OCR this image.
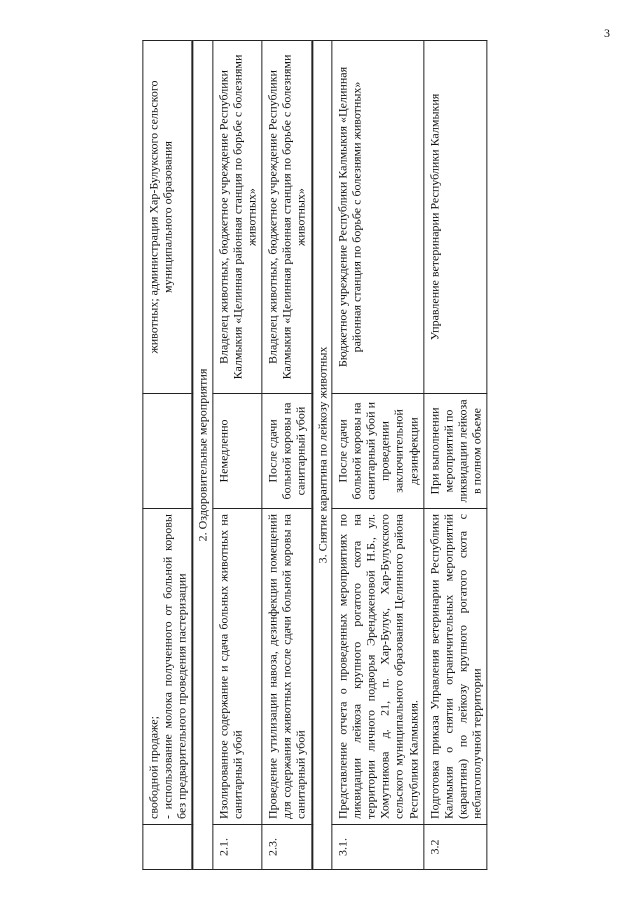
3

	свободной продаже; - использование молока полученного от больной коровы без предварительного проведения пастеризации		животных; администрация Хар-Булукского сельского муниципального образования
2. Оздоровительные мероприятия			
2.1.	Изолированное содержание и сдача больных животных на санитарный убой	Немедленно	Владелец животных, бюджетное учреждение Республики Калмыкия «Целинная районная станция по борьбе с болезнями животных»
2.3.	Проведение утилизации навоза, дезинфекции помещений для содержания животных после сдачи больной коровы на санитарный убой	После сдачи больной коровы на санитарный убой	Владелец животных, бюджетное учреждение Республики Калмыкия «Целинная районная станция по борьбе с болезнями животных»
3. Снятие карантина по лейкозу животных			
3.1.	Представление отчета о проведенных мероприятиях по ликвидации лейкоза крупного рогатого скота на территории личного подворья Эрендженовой Н.Б., ул. Хомутникова д. 21, п. Хар-Булук, Хар-Булукского сельского муниципального образования Целинного района Республики Калмыкия.	После сдачи больной коровы на санитарный убой и проведении заключительной дезинфекции	Бюджетное учреждение Республики Калмыкия «Целинная районная станция по борьбе с болезнями животных»
3.2	Подготовка приказа Управления ветеринарии Республики Калмыкия о снятии ограничительных мероприятий (карантина) по лейкозу крупного рогатого скота с неблагополучной территории	При выполнении мероприятий по ликвидации лейкоза в полном объеме	Управление ветеринарии Республики Калмыкия
